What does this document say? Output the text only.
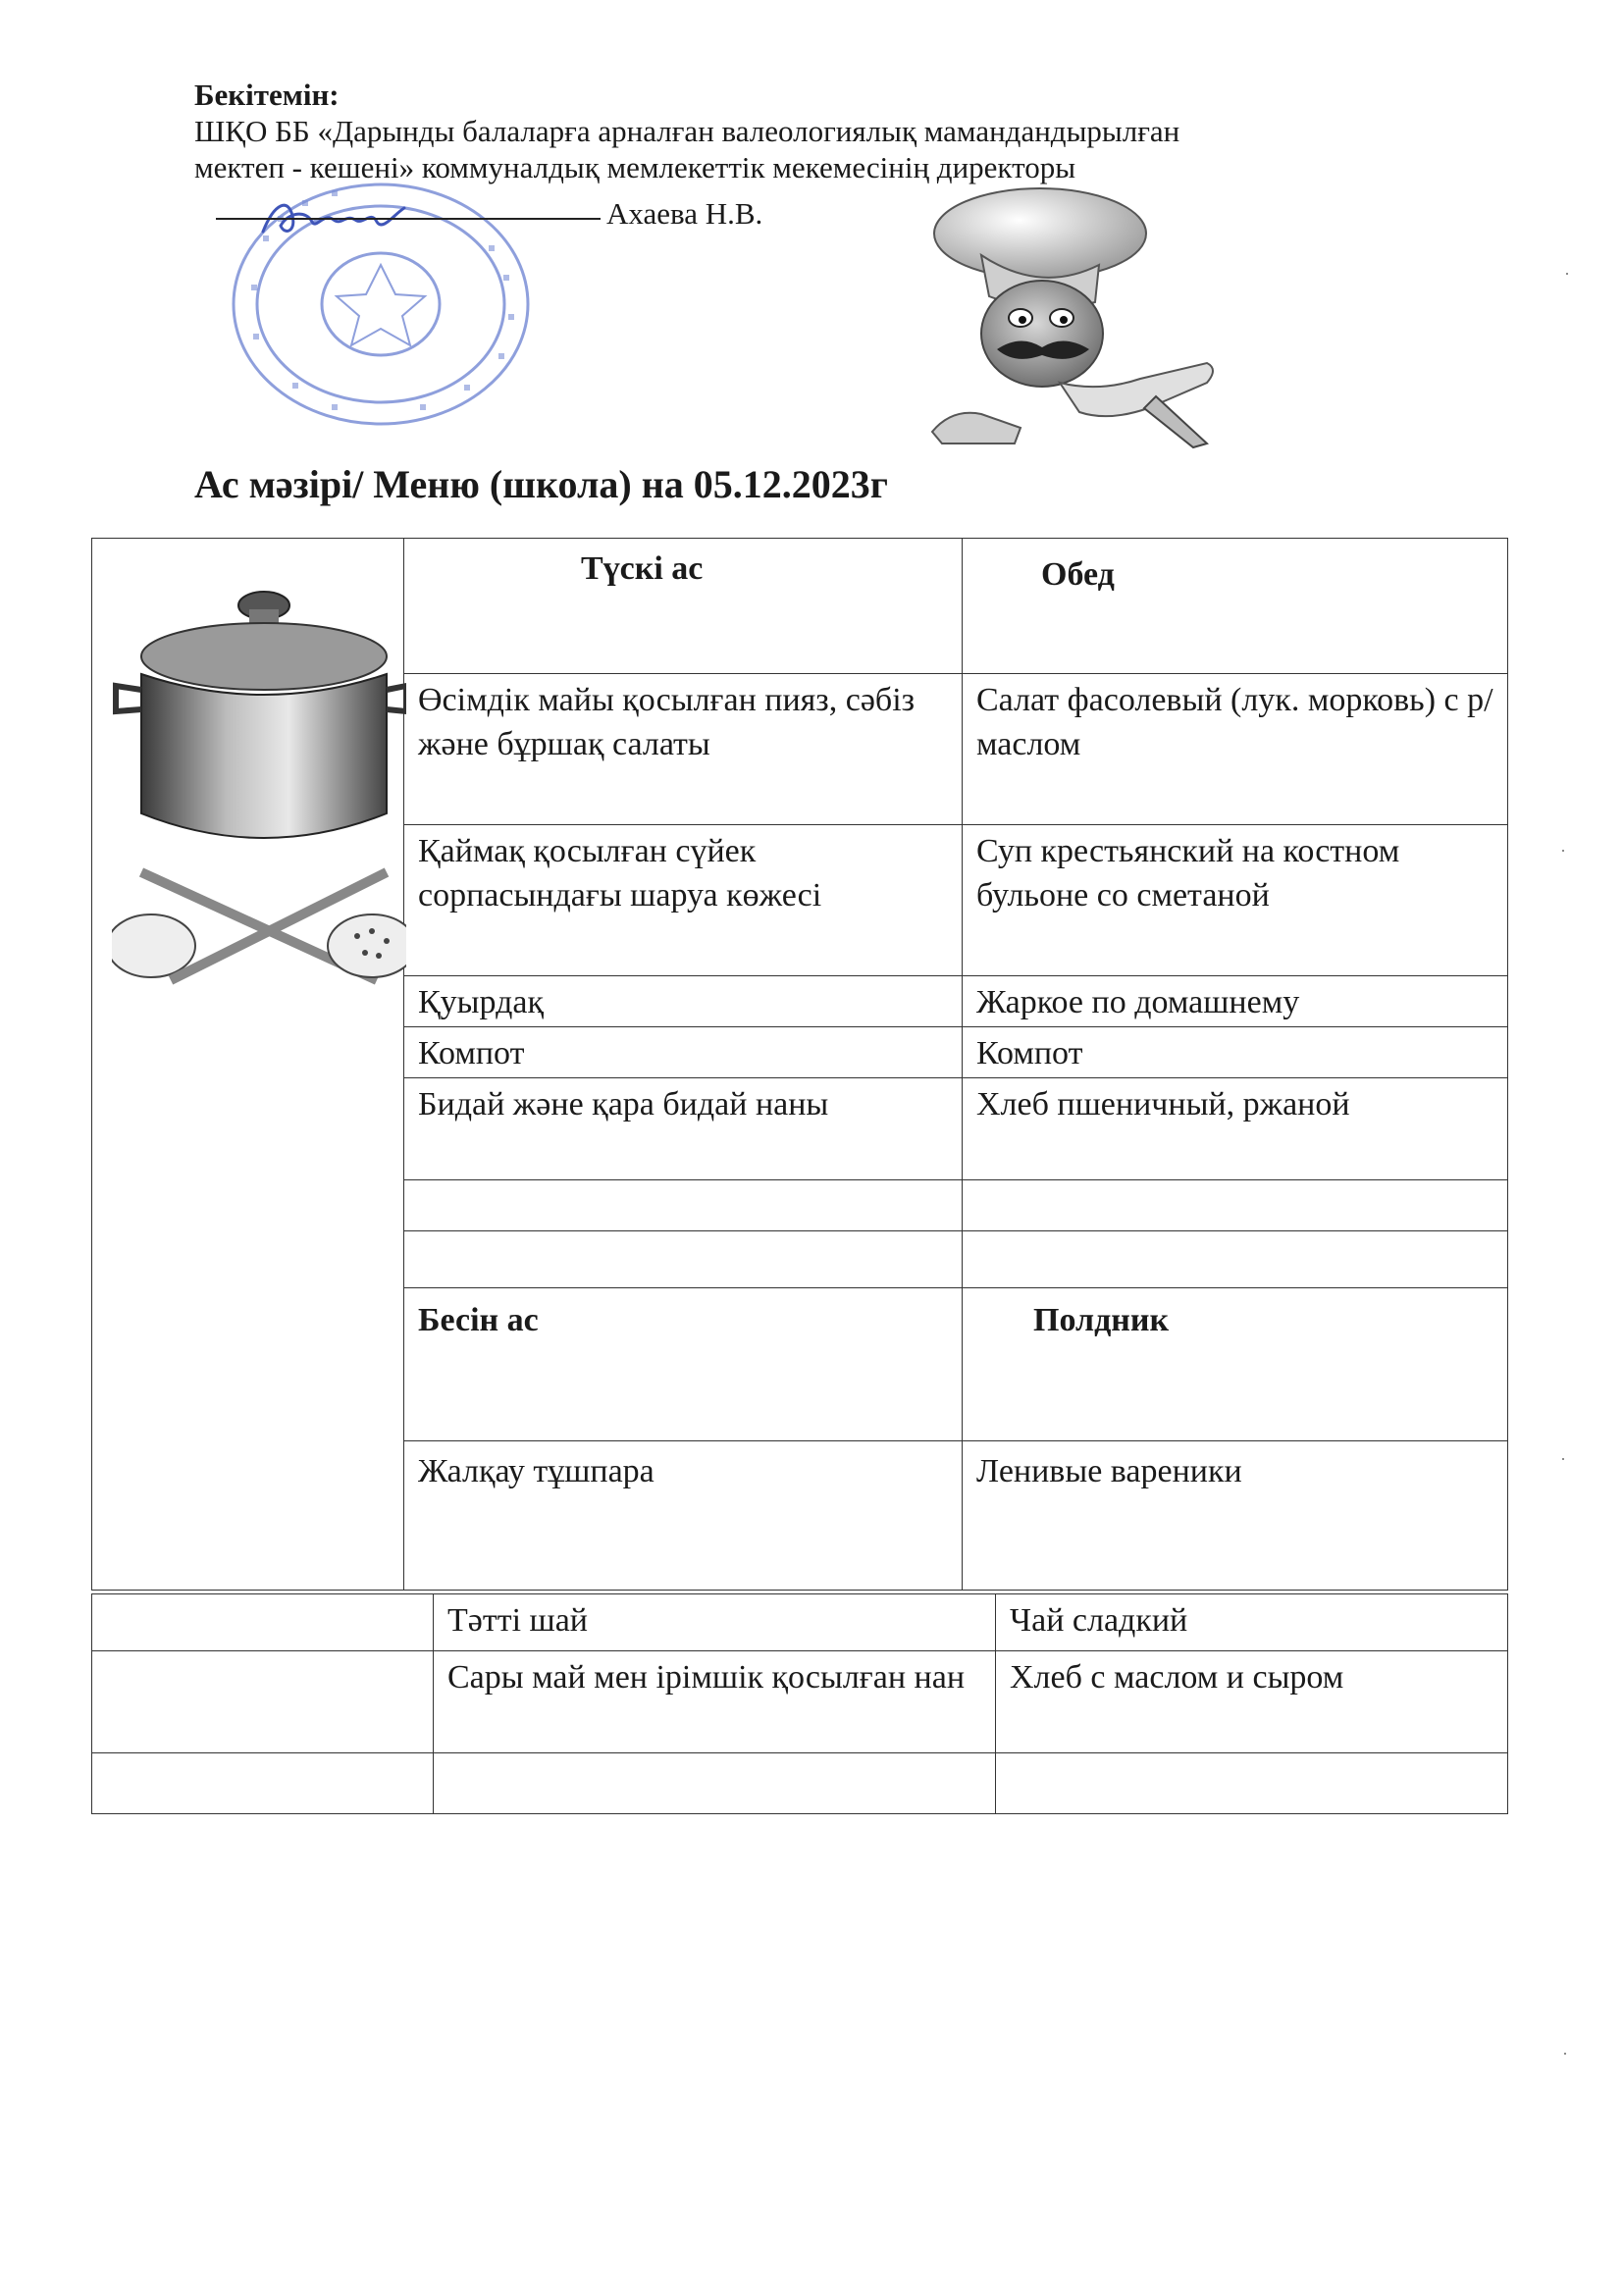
Бекітемін:
ШҚО ББ «Дарынды балаларға арналған валеологиялық мамандандырылған
мектеп - кешені» коммуналдық мемлекеттік мекемесінің директоры
Ахаева Н.В.
Ас мәзірі/ Меню (школа) на 05.12.2023г
	Түскі ас	Обед
	Өсімдік майы қосылған пияз, сәбіз және бұршақ салаты	Салат фасолевый (лук. морковь) с р/маслом
	Қаймақ қосылған сүйек сорпасындағы шаруа көжесі	Суп крестьянский на костном бульоне со сметаной
	Қуырдақ	Жаркое по домашнему
	Компот	Компот
	Бидай және қара бидай наны	Хлеб пшеничный, ржаной

	Бесін ас	Полдник
	Жалқау тұшпара	Ленивые вареники
	Тәтті шай	Чай сладкий
	Сары май мен ірімшік қосылған нан	Хлеб с маслом и сыром
